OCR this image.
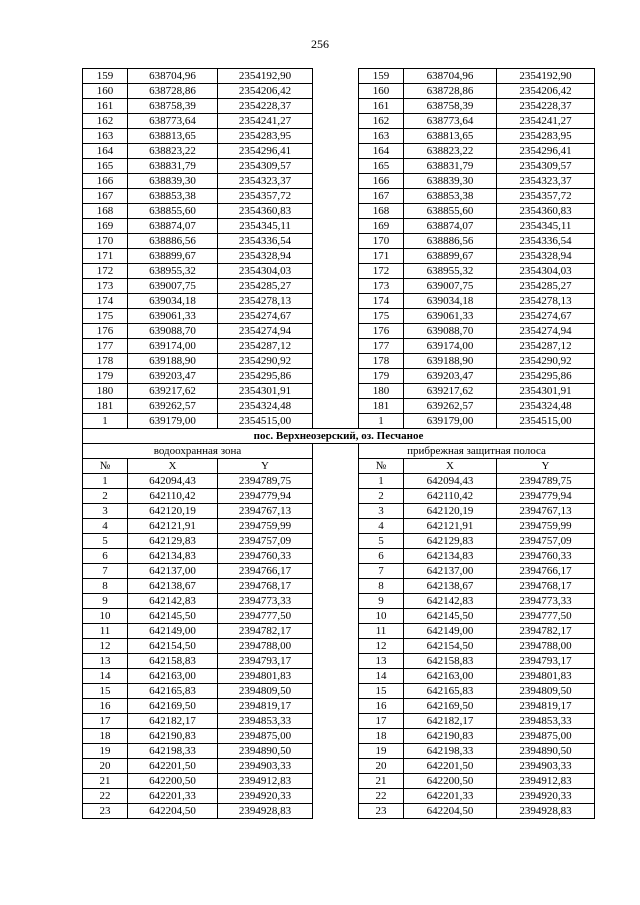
256
159	638704,96	2354192,90		159	638704,96	2354192,90
160	638728,86	2354206,42		160	638728,86	2354206,42
161	638758,39	2354228,37		161	638758,39	2354228,37
162	638773,64	2354241,27		162	638773,64	2354241,27
163	638813,65	2354283,95		163	638813,65	2354283,95
164	638823,22	2354296,41		164	638823,22	2354296,41
165	638831,79	2354309,57		165	638831,79	2354309,57
166	638839,30	2354323,37		166	638839,30	2354323,37
167	638853,38	2354357,72		167	638853,38	2354357,72
168	638855,60	2354360,83		168	638855,60	2354360,83
169	638874,07	2354345,11		169	638874,07	2354345,11
170	638886,56	2354336,54		170	638886,56	2354336,54
171	638899,67	2354328,94		171	638899,67	2354328,94
172	638955,32	2354304,03		172	638955,32	2354304,03
173	639007,75	2354285,27		173	639007,75	2354285,27
174	639034,18	2354278,13		174	639034,18	2354278,13
175	639061,33	2354274,67		175	639061,33	2354274,67
176	639088,70	2354274,94		176	639088,70	2354274,94
177	639174,00	2354287,12		177	639174,00	2354287,12
178	639188,90	2354290,92		178	639188,90	2354290,92
179	639203,47	2354295,86		179	639203,47	2354295,86
180	639217,62	2354301,91		180	639217,62	2354301,91
181	639262,57	2354324,48		181	639262,57	2354324,48
1	639179,00	2354515,00		1	639179,00	2354515,00
пос. Верхнеозерский, оз. Песчаное						
водоохранная зона				прибрежная защитная полоса		
№	X	Y		№	X	Y
1	642094,43	2394789,75		1	642094,43	2394789,75
2	642110,42	2394779,94		2	642110,42	2394779,94
3	642120,19	2394767,13		3	642120,19	2394767,13
4	642121,91	2394759,99		4	642121,91	2394759,99
5	642129,83	2394757,09		5	642129,83	2394757,09
6	642134,83	2394760,33		6	642134,83	2394760,33
7	642137,00	2394766,17		7	642137,00	2394766,17
8	642138,67	2394768,17		8	642138,67	2394768,17
9	642142,83	2394773,33		9	642142,83	2394773,33
10	642145,50	2394777,50		10	642145,50	2394777,50
11	642149,00	2394782,17		11	642149,00	2394782,17
12	642154,50	2394788,00		12	642154,50	2394788,00
13	642158,83	2394793,17		13	642158,83	2394793,17
14	642163,00	2394801,83		14	642163,00	2394801,83
15	642165,83	2394809,50		15	642165,83	2394809,50
16	642169,50	2394819,17		16	642169,50	2394819,17
17	642182,17	2394853,33		17	642182,17	2394853,33
18	642190,83	2394875,00		18	642190,83	2394875,00
19	642198,33	2394890,50		19	642198,33	2394890,50
20	642201,50	2394903,33		20	642201,50	2394903,33
21	642200,50	2394912,83		21	642200,50	2394912,83
22	642201,33	2394920,33		22	642201,33	2394920,33
23	642204,50	2394928,83		23	642204,50	2394928,83
